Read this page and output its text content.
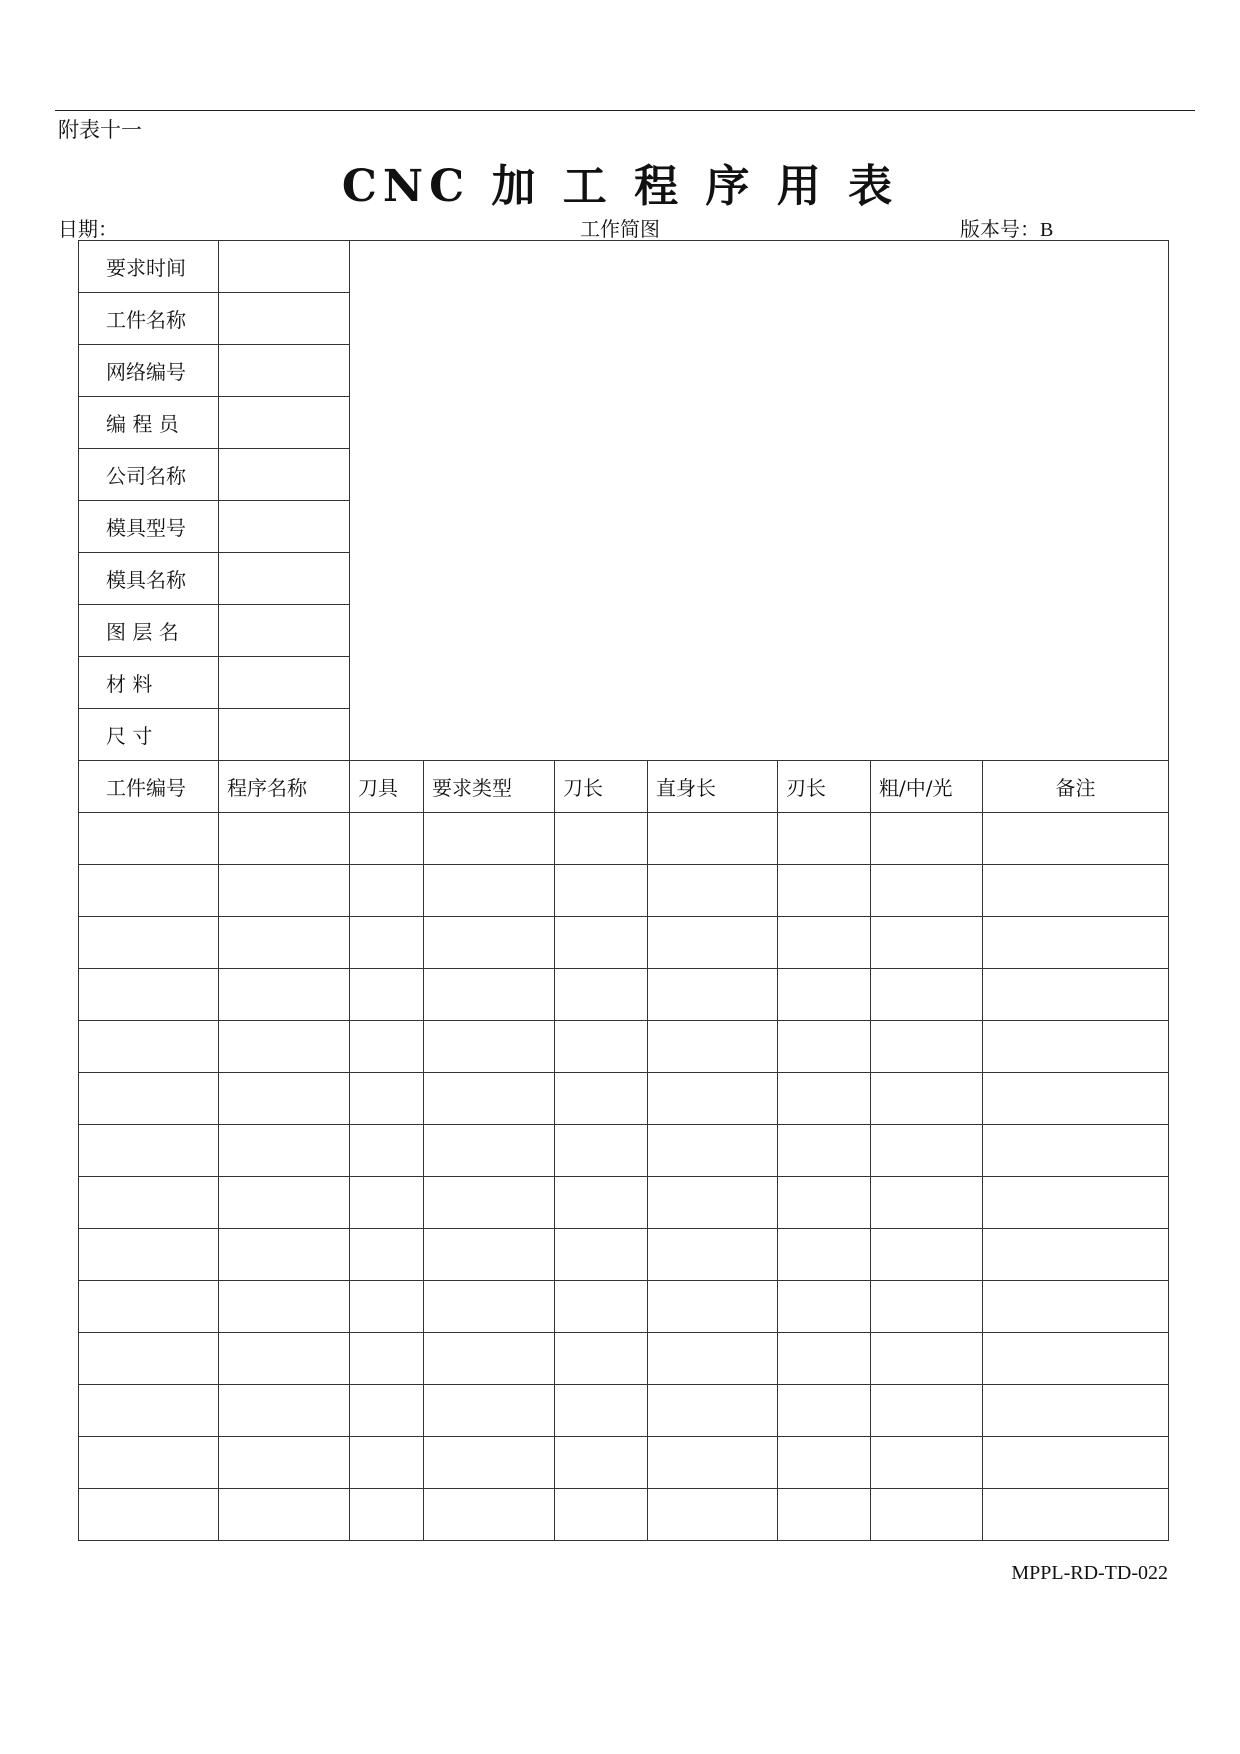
附表十一
CNC 加 工 程 序 用 表
日期：	工作简图	版本号：B
要求时间								
工件名称								
网络编号								
编 程 员								
公司名称								
模具型号								
模具名称								
图 层 名								
材 料								
尺 寸								
工件编号	程序名称	刀具	要求类型	刀长	直身长	刃长	粗/中/光	备注

MPPL-RD-TD-022
